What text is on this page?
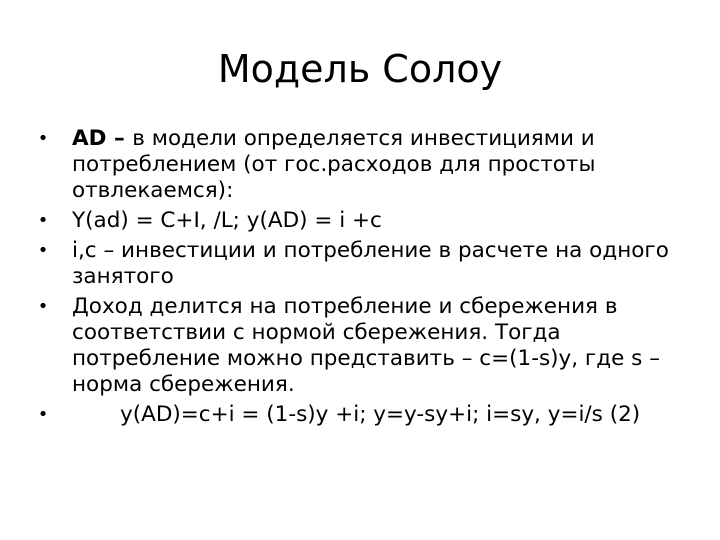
Модель Солоу
• AD – в модели определяется инвестициями и потреблением (от гос.расходов для простоты отвлекаемся):
• Y(ad) = C+I, /L; y(AD) = i +c
• i,c – инвестиции и потребление в расчете на одного занятого
• Доход делится на потребление и сбережения в соответствии с нормой сбережения. Тогда потребление можно представить – c=(1-s)y, где s – норма сбережения.
•	y(AD)=c+i = (1-s)y +i; y=y-sy+i; i=sy, y=i/s (2)
